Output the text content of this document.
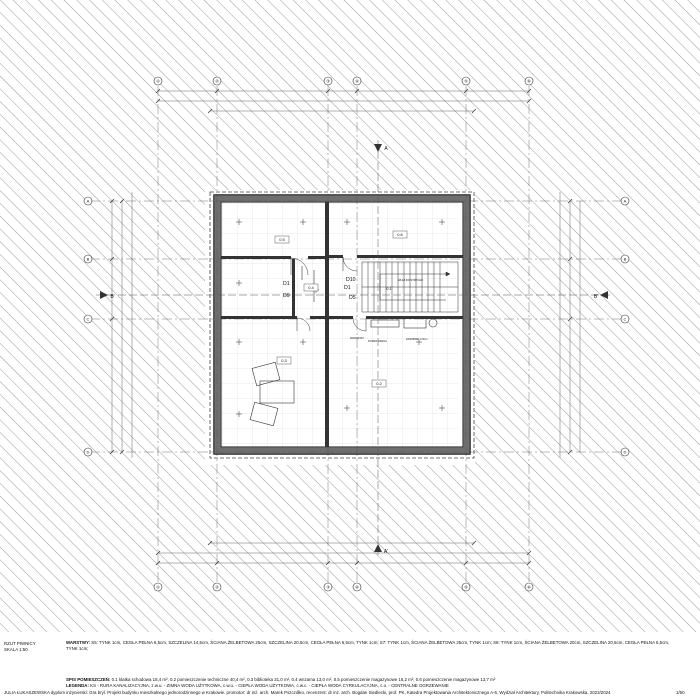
①	②	③	④	⑤	⑥
①	②	③	④	⑤	⑥
A
B
C
D
A
B
C
D
A
A'
B	B'
0.1
0.2
0.3
0.4
0.5
0.6
D10
D1
D1
D9	D5
WŁAZ DO STRYCHU
POMPA CIEPŁA
ZASOBNIK C.W.U.
WARSZTAT
RZUT PIWNICY
SKALA 1:50
WARSTWY: S5: TYNK 1cm, CEGŁA PEŁNA 6,5cm, SZCZELINA 14,5cm, ŚCIANA ŻELBETOWA 25cm, SZCZELINA 20,5cm, CEGŁA PEŁNA 6,5cm, TYNK 1cm; S7: TYNK 1cm, ŚCIANA ŻELBETOWA 25cm, TYNK 1cm; S8: TYNK 1cm, ŚCIANA ŻELBETOWA 20cm, SZCZELINA 20,5cm, CEGŁA PEŁNA 6,5cm, TYNK 1cm;
SPIS POMIESZCZEŃ: 0.1 klatka schodowa 18,4 m², 0.2 pomieszczenie techniczne 40,4 m², 0.3 biblioteka 31,0 m², 0.4 wnzama 13,0 m², 0.5 pomieszczenie magazynowe 16,2 m², 0.6 pomieszczenie magazynowe 13,7 m²
LEGENDA: KS - RURA KANALIZACYJNA, z.w.u. - ZIMNA WODA UŻYTKOWA, c.w.u. - CIEPŁA WODA UŻYTKOWA, c.w.c. - CIEPŁA WODA CYRKULACYJNA, c.o. - CENTRALNE OGRZEWANIE
JULIA ŁUKASZEWSKA dyplom inżynierski: Gra bryl. Projekt budynku mieszkalnego jednorodzinnego w Krakowie. promotor: dr inż. arch. Marek Pszczółko, recenzent: dr inż. arch. Bogdan Siedlecki, prof. PK, Katedra Projektowania Architektonicznego A-6, Wydział Architektury, Politechnika Krakowska, 2023/2024	1/50
